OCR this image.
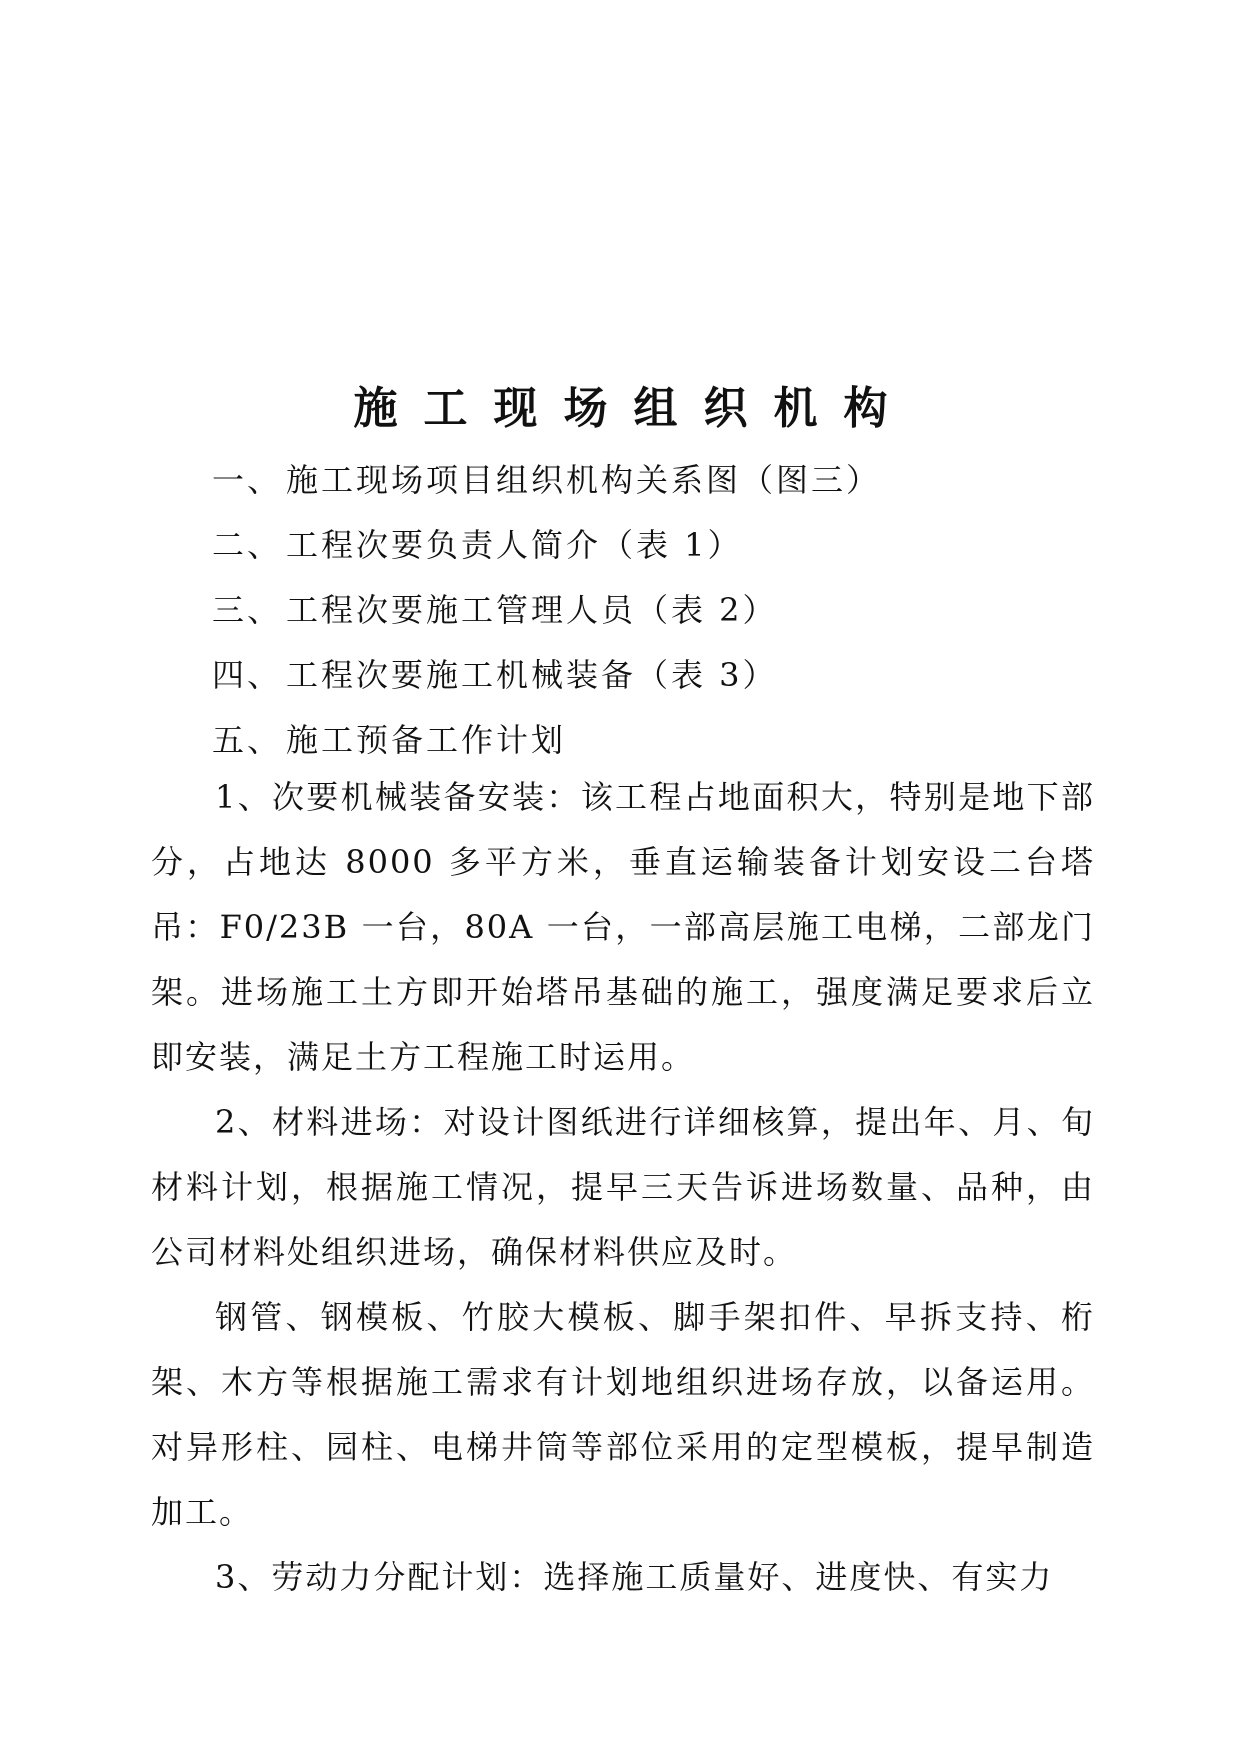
施工现场组织机构
一、 施工现场项目组织机构关系图（图三）
二、 工程次要负责人简介（表 1）
三、 工程次要施工管理人员（表 2）
四、 工程次要施工机械装备（表 3）
五、 施工预备工作计划

1、次要机械装备安装：该工程占地面积大，特别是地下部分，占地达 8000 多平方米，垂直运输装备计划安设二台塔吊：F0/23B 一台，80A 一台，一部高层施工电梯，二部龙门架。进场施工土方即开始塔吊基础的施工，强度满足要求后立即安装，满足土方工程施工时运用。

2、材料进场：对设计图纸进行详细核算，提出年、月、旬材料计划，根据施工情况，提早三天告诉进场数量、品种，由公司材料处组织进场，确保材料供应及时。

钢管、钢模板、竹胶大模板、脚手架扣件、早拆支持、桁架、木方等根据施工需求有计划地组织进场存放，以备运用。对异形柱、园柱、电梯井筒等部位采用的定型模板，提早制造加工。

3、劳动力分配计划：选择施工质量好、进度快、有实力
